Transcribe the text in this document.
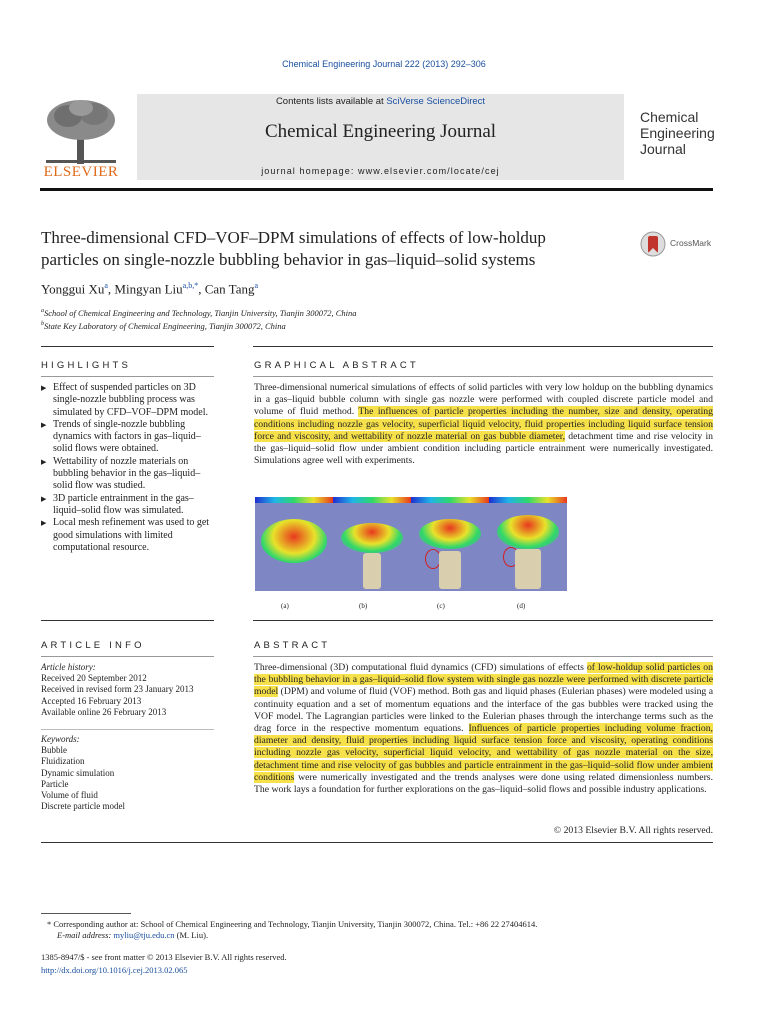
Chemical Engineering Journal 222 (2013) 292–306
ELSEVIER
Contents lists available at SciVerse ScienceDirect
Chemical Engineering Journal
journal homepage: www.elsevier.com/locate/cej
Chemical
Engineering
Journal
Three-dimensional CFD–VOF–DPM simulations of effects of low-holdup
particles on single-nozzle bubbling behavior in gas–liquid–solid systems
CrossMark
Yonggui Xu$^a$, Mingyan Liu$^{a,b,*}$, Can Tang$^a$
$^a$School of Chemical Engineering and Technology, Tianjin University, Tianjin 300072, China
$^b$State Key Laboratory of Chemical Engineering, Tianjin 300072, China
HIGHLIGHTS
▶ Effect of suspended particles on 3D single-nozzle bubbling process was simulated by CFD–VOF–DPM model.
▶ Trends of single-nozzle bubbling dynamics with factors in gas–liquid–solid flows were obtained.
▶ Wettability of nozzle materials on bubbling behavior in the gas–liquid–solid flow was studied.
▶ 3D particle entrainment in the gas–liquid–solid flow was simulated.
▶ Local mesh refinement was used to get good simulations with limited computational resource.
GRAPHICAL ABSTRACT
Three-dimensional numerical simulations of effects of solid particles with very low holdup on the bubbling dynamics in a gas–liquid bubble column with single gas nozzle were performed with coupled discrete particle model and volume of fluid method. The influences of particle properties including the number, size and density, operating conditions including nozzle gas velocity, superficial liquid velocity, fluid properties including liquid surface tension force and viscosity, and wettability of nozzle material on gas bubble diameter, detachment time and rise velocity in the gas–liquid–solid flow under ambient condition including particle entrainment were numerically investigated. Simulations agree well with experiments.
(a)	(b)	(c)	(d)
ARTICLE INFO
Article history:
Received 20 September 2012
Received in revised form 23 January 2013
Accepted 16 February 2013
Available online 26 February 2013
Keywords:
Bubble
Fluidization
Dynamic simulation
Particle
Volume of fluid
Discrete particle model
ABSTRACT
Three-dimensional (3D) computational fluid dynamics (CFD) simulations of effects of low-holdup solid particles on the bubbling behavior in a gas–liquid–solid flow system with single gas nozzle were performed with discrete particle model (DPM) and volume of fluid (VOF) method. Both gas and liquid phases (Eulerian phases) were modeled using a continuity equation and a set of momentum equations and the interface of the gas bubbles were tracked using the VOF model. The Lagrangian particles were linked to the Eulerian phases through the interchange terms such as the drag force in the respective momentum equations. Influences of particle properties including volume fraction, diameter and density, fluid properties including liquid surface tension force and viscosity, operating conditions including nozzle gas velocity, superficial liquid velocity, and wettability of gas nozzle material on the size, detachment time and rise velocity of gas bubbles and particle entrainment in the gas–liquid–solid flow under ambient conditions were numerically investigated and the trends analyses were done using related dimensionless numbers. The work lays a foundation for further explorations on the gas–liquid–solid flows and possible industry applications.
© 2013 Elsevier B.V. All rights reserved.
* Corresponding author at: School of Chemical Engineering and Technology, Tianjin University, Tianjin 300072, China. Tel.: +86 22 27404614.
E-mail address: myliu@tju.edu.cn (M. Liu).
1385-8947/$ - see front matter © 2013 Elsevier B.V. All rights reserved.
http://dx.doi.org/10.1016/j.cej.2013.02.065
